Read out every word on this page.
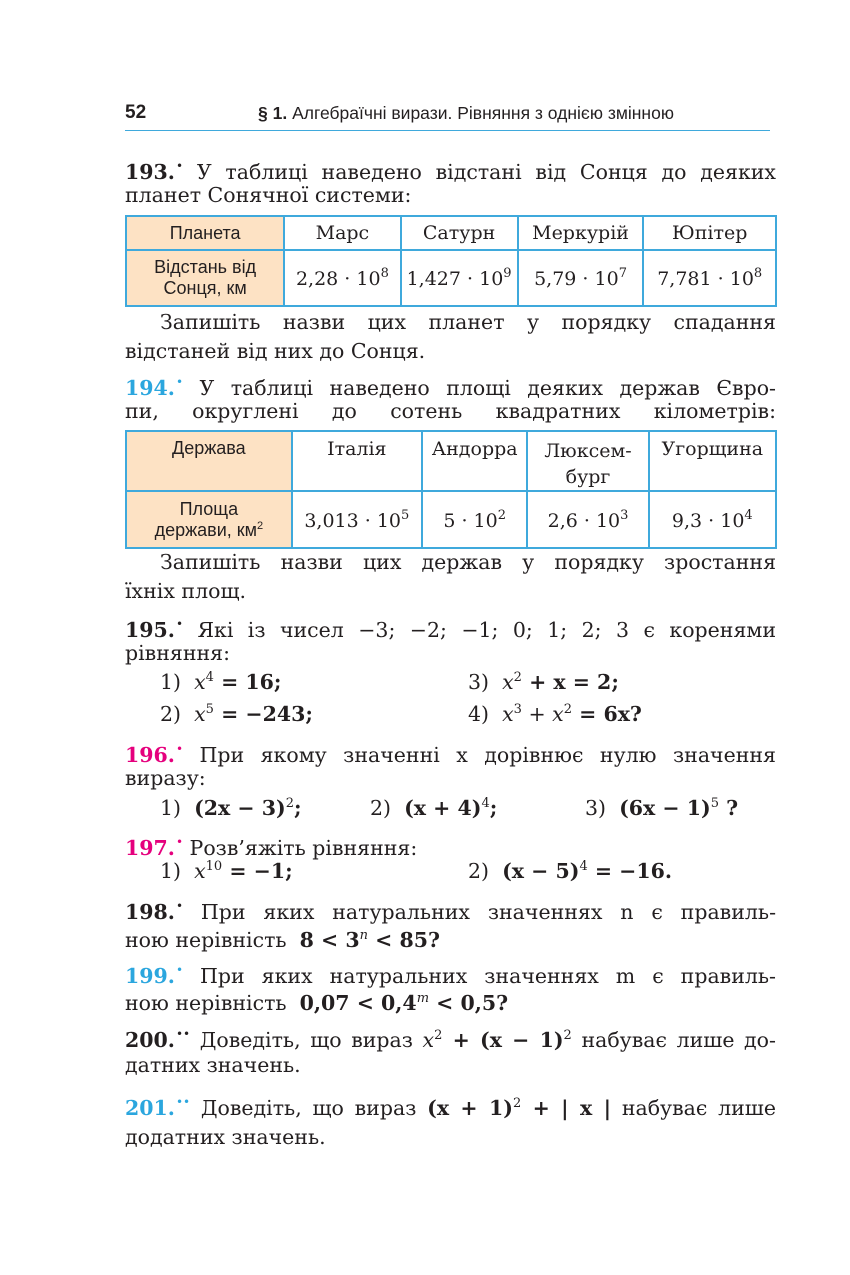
52	§ 1. Алгебраїчні вирази. Рівняння з однією змінною
193.• У таблиці наведено відстані від Сонця до деяких
планет Сонячної системи:
Планета	Марс	Сатурн	Меркурій	Юпітер
Відстань від
Сонця, км	$2,28 \cdot 10^8$	$1,427 \cdot 10^9$	$5,79 \cdot 10^7$	$7,781 \cdot 10^8$
Запишіть назви цих планет у порядку спадання
відстаней від них до Сонця.
194.• У таблиці наведено площі деяких держав Євро-
пи, округлені до сотень квадратних кілометрів:
Держава	Італія	Андорра	Люксем-
бург	Угорщина
Площа
держави, $км^2$	$3,013 \cdot 10^5$	$5 \cdot 10^2$	$2,6 \cdot 10^3$	$9,3 \cdot 10^4$
Запишіть назви цих держав у порядку зростання
їхніх площ.
195.• Які із чисел −3; −2; −1; 0; 1; 2; 3 є коренями
рівняння:
1) $x^4 = 16$;	3) $x^2 + x = 2$;
2) $x^5 = -243$;	4) $x^3 + x^2 = 6x$?
196.• При якому значенні x дорівнює нулю значення
виразу:
1) $(2x - 3)^2$;	2) $(x + 4)^4$;	3) $(6x - 1)^5$ ?
197.• Розв’яжіть рівняння:
1) $x^{10} = -1$;	2) $(x - 5)^4 = -16$.
198.• При яких натуральних значеннях n є правиль-
ною нерівність $8 < 3^n < 85$?
199.• При яких натуральних значеннях m є правиль-
ною нерівність $0,07 < 0,4^m < 0,5$?
200.•• Доведіть, що вираз $x^2 + (x - 1)^2$ набуває лише до-
датних значень.
201.•• Доведіть, що вираз $(x + 1)^2$ + | x | набуває лише
додатних значень.
